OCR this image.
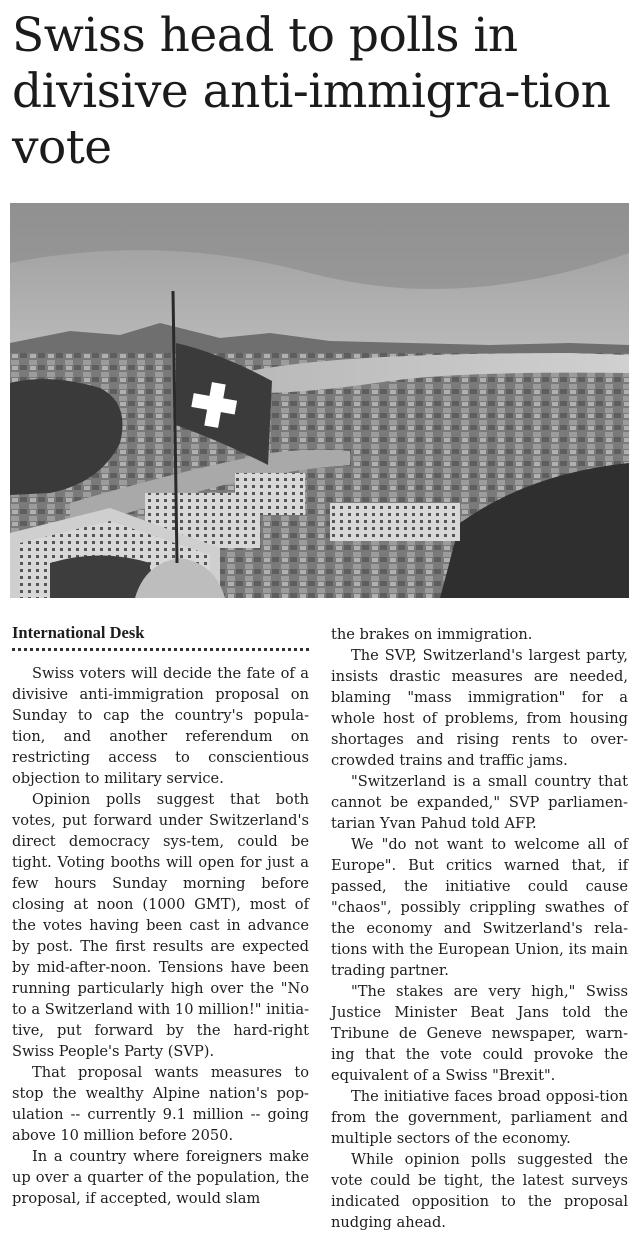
Swiss head to polls in divisive anti-immigra-tion vote
International Desk

Swiss voters will decide the fate of a divisive anti-immigration proposal on Sunday to cap the country's popula-tion, and another referendum on restricting access to conscientious objection to military service.

Opinion polls suggest that both votes, put forward under Switzerland's direct democracy sys-tem, could be tight. Voting booths will open for just a few hours Sunday morning before closing at noon (1000 GMT), most of the votes having been cast in advance by post. The first results are expected by mid-after-noon. Tensions have been running particularly high over the "No to a Switzerland with 10 million!" initia-tive, put forward by the hard-right Swiss People's Party (SVP).

That proposal wants measures to stop the wealthy Alpine nation's pop-ulation -- currently 9.1 million -- going above 10 million before 2050.

In a country where foreigners make up over a quarter of the population, the proposal, if accepted, would slam

the brakes on immigration.

The SVP, Switzerland's largest party, insists drastic measures are needed, blaming "mass immigration" for a whole host of problems, from housing shortages and rising rents to over-crowded trains and traffic jams.

"Switzerland is a small country that cannot be expanded," SVP parliamen-tarian Yvan Pahud told AFP.

We "do not want to welcome all of Europe". But critics warned that, if passed, the initiative could cause "chaos", possibly crippling swathes of the economy and Switzerland's rela-tions with the European Union, its main trading partner.

"The stakes are very high," Swiss Justice Minister Beat Jans told the Tribune de Geneve newspaper, warn-ing that the vote could provoke the equivalent of a Swiss "Brexit".

The initiative faces broad opposi-tion from the government, parliament and multiple sectors of the economy.

While opinion polls suggested the vote could be tight, the latest surveys indicated opposition to the proposal nudging ahead.
